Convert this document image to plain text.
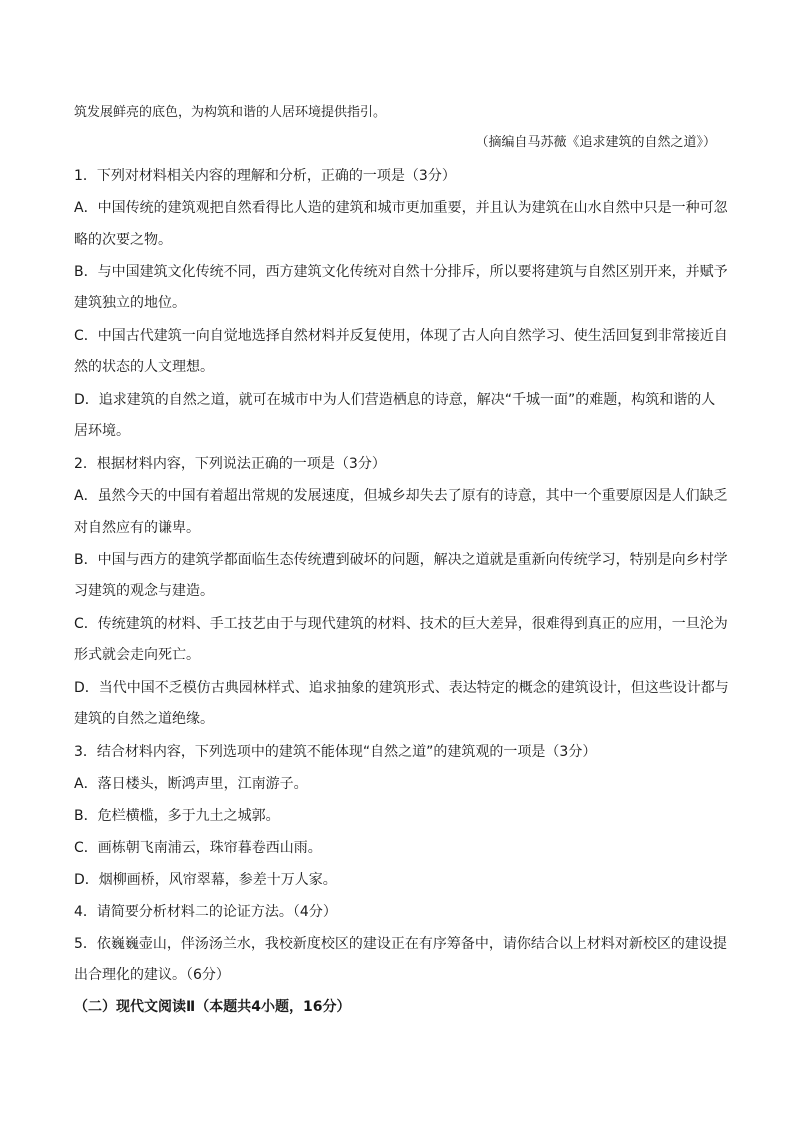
筑发展鲜亮的底色，为构筑和谐的人居环境提供指引。
（摘编自马苏薇《追求建筑的自然之道》）
1．下列对材料相关内容的理解和分析，正确的一项是（3分）
A．中国传统的建筑观把自然看得比人造的建筑和城市更加重要，并且认为建筑在山水自然中只是一种可忽
略的次要之物。
B．与中国建筑文化传统不同，西方建筑文化传统对自然十分排斥，所以要将建筑与自然区别开来，并赋予
建筑独立的地位。
C．中国古代建筑一向自觉地选择自然材料并反复使用，体现了古人向自然学习、使生活回复到非常接近自
然的状态的人文理想。
D．追求建筑的自然之道，就可在城市中为人们营造栖息的诗意，解决“千城一面”的难题，构筑和谐的人
居环境。
2．根据材料内容，下列说法正确的一项是（3分）
A．虽然今天的中国有着超出常规的发展速度，但城乡却失去了原有的诗意，其中一个重要原因是人们缺乏
对自然应有的谦卑。
B．中国与西方的建筑学都面临生态传统遭到破坏的问题，解决之道就是重新向传统学习，特别是向乡村学
习建筑的观念与建造。
C．传统建筑的材料、手工技艺由于与现代建筑的材料、技术的巨大差异，很难得到真正的应用，一旦沦为
形式就会走向死亡。
D．当代中国不乏模仿古典园林样式、追求抽象的建筑形式、表达特定的概念的建筑设计，但这些设计都与
建筑的自然之道绝缘。
3．结合材料内容，下列选项中的建筑不能体现“自然之道”的建筑观的一项是（3分）
A．落日楼头，断鸿声里，江南游子。
B．危栏横槛，多于九土之城郭。
C．画栋朝飞南浦云，珠帘暮卷西山雨。
D．烟柳画桥，风帘翠幕，参差十万人家。
4．请简要分析材料二的论证方法。（4分）
5．依巍巍壶山，伴汤汤兰水，我校新度校区的建设正在有序筹备中，请你结合以上材料对新校区的建设提
出合理化的建议。（6分）
（二）现代文阅读Ⅱ（本题共4小题，16分）
